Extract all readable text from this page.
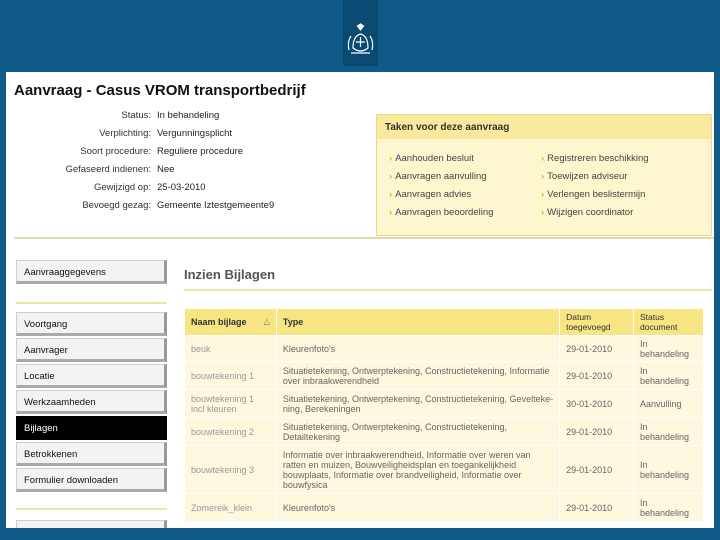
Aanvraag - Casus VROM transportbedrijf
Status: In behandeling
Verplichting: Vergunningsplicht
Soort procedure: Reguliere procedure
Gefaseerd indienen: Nee
Gewijzigd op: 25-03-2010
Bevoegd gezag: Gemeente Iztestgemeente9
Taken voor deze aanvraag
› Aanhouden besluit
› Aanvragen aanvulling
› Aanvragen advies
› Aanvragen beoordeling
› Registreren beschikking
› Toewijzen adviseur
› Verlengen beslistermijn
› Wijzigen coordinator
Aanvraaggegevens
Voortgang
Aanvrager
Locatie
Werkzaamheden
Bijlagen
Betrokkenen
Formulier downloaden
Inzien Bijlagen
Naam bijlage △	Type	Datum toegevoegd	Status document
beuk	Kleurenfoto's	29-01-2010	In behandeling
bouwtekening 1	Situatietekening, Ontwerptekening, Constructietekening, Informatie over inbraakwerendheid	29-01-2010	In behandeling
bouwtekening 1 incl kleuren	Situatietekening, Ontwerptekening, Constructietekening, Geveltekening, Berekeningen	30-01-2010	Aanvulling
bouwtekening 2	Situatietekening, Ontwerptekening, Constructietekening, Detailtekening	29-01-2010	In behandeling
bouwtekening 3	Informatie over inbraakwerendheid, Informatie over weren van ratten en muizen, Bouwveiligheidsplan en toegankelijkheid bouwplaats, Informatie over brandveiligheid, Informatie over bouwfysica	29-01-2010	In behandeling
Zomereik_klein	Kleurenfoto's	29-01-2010	In behandeling
